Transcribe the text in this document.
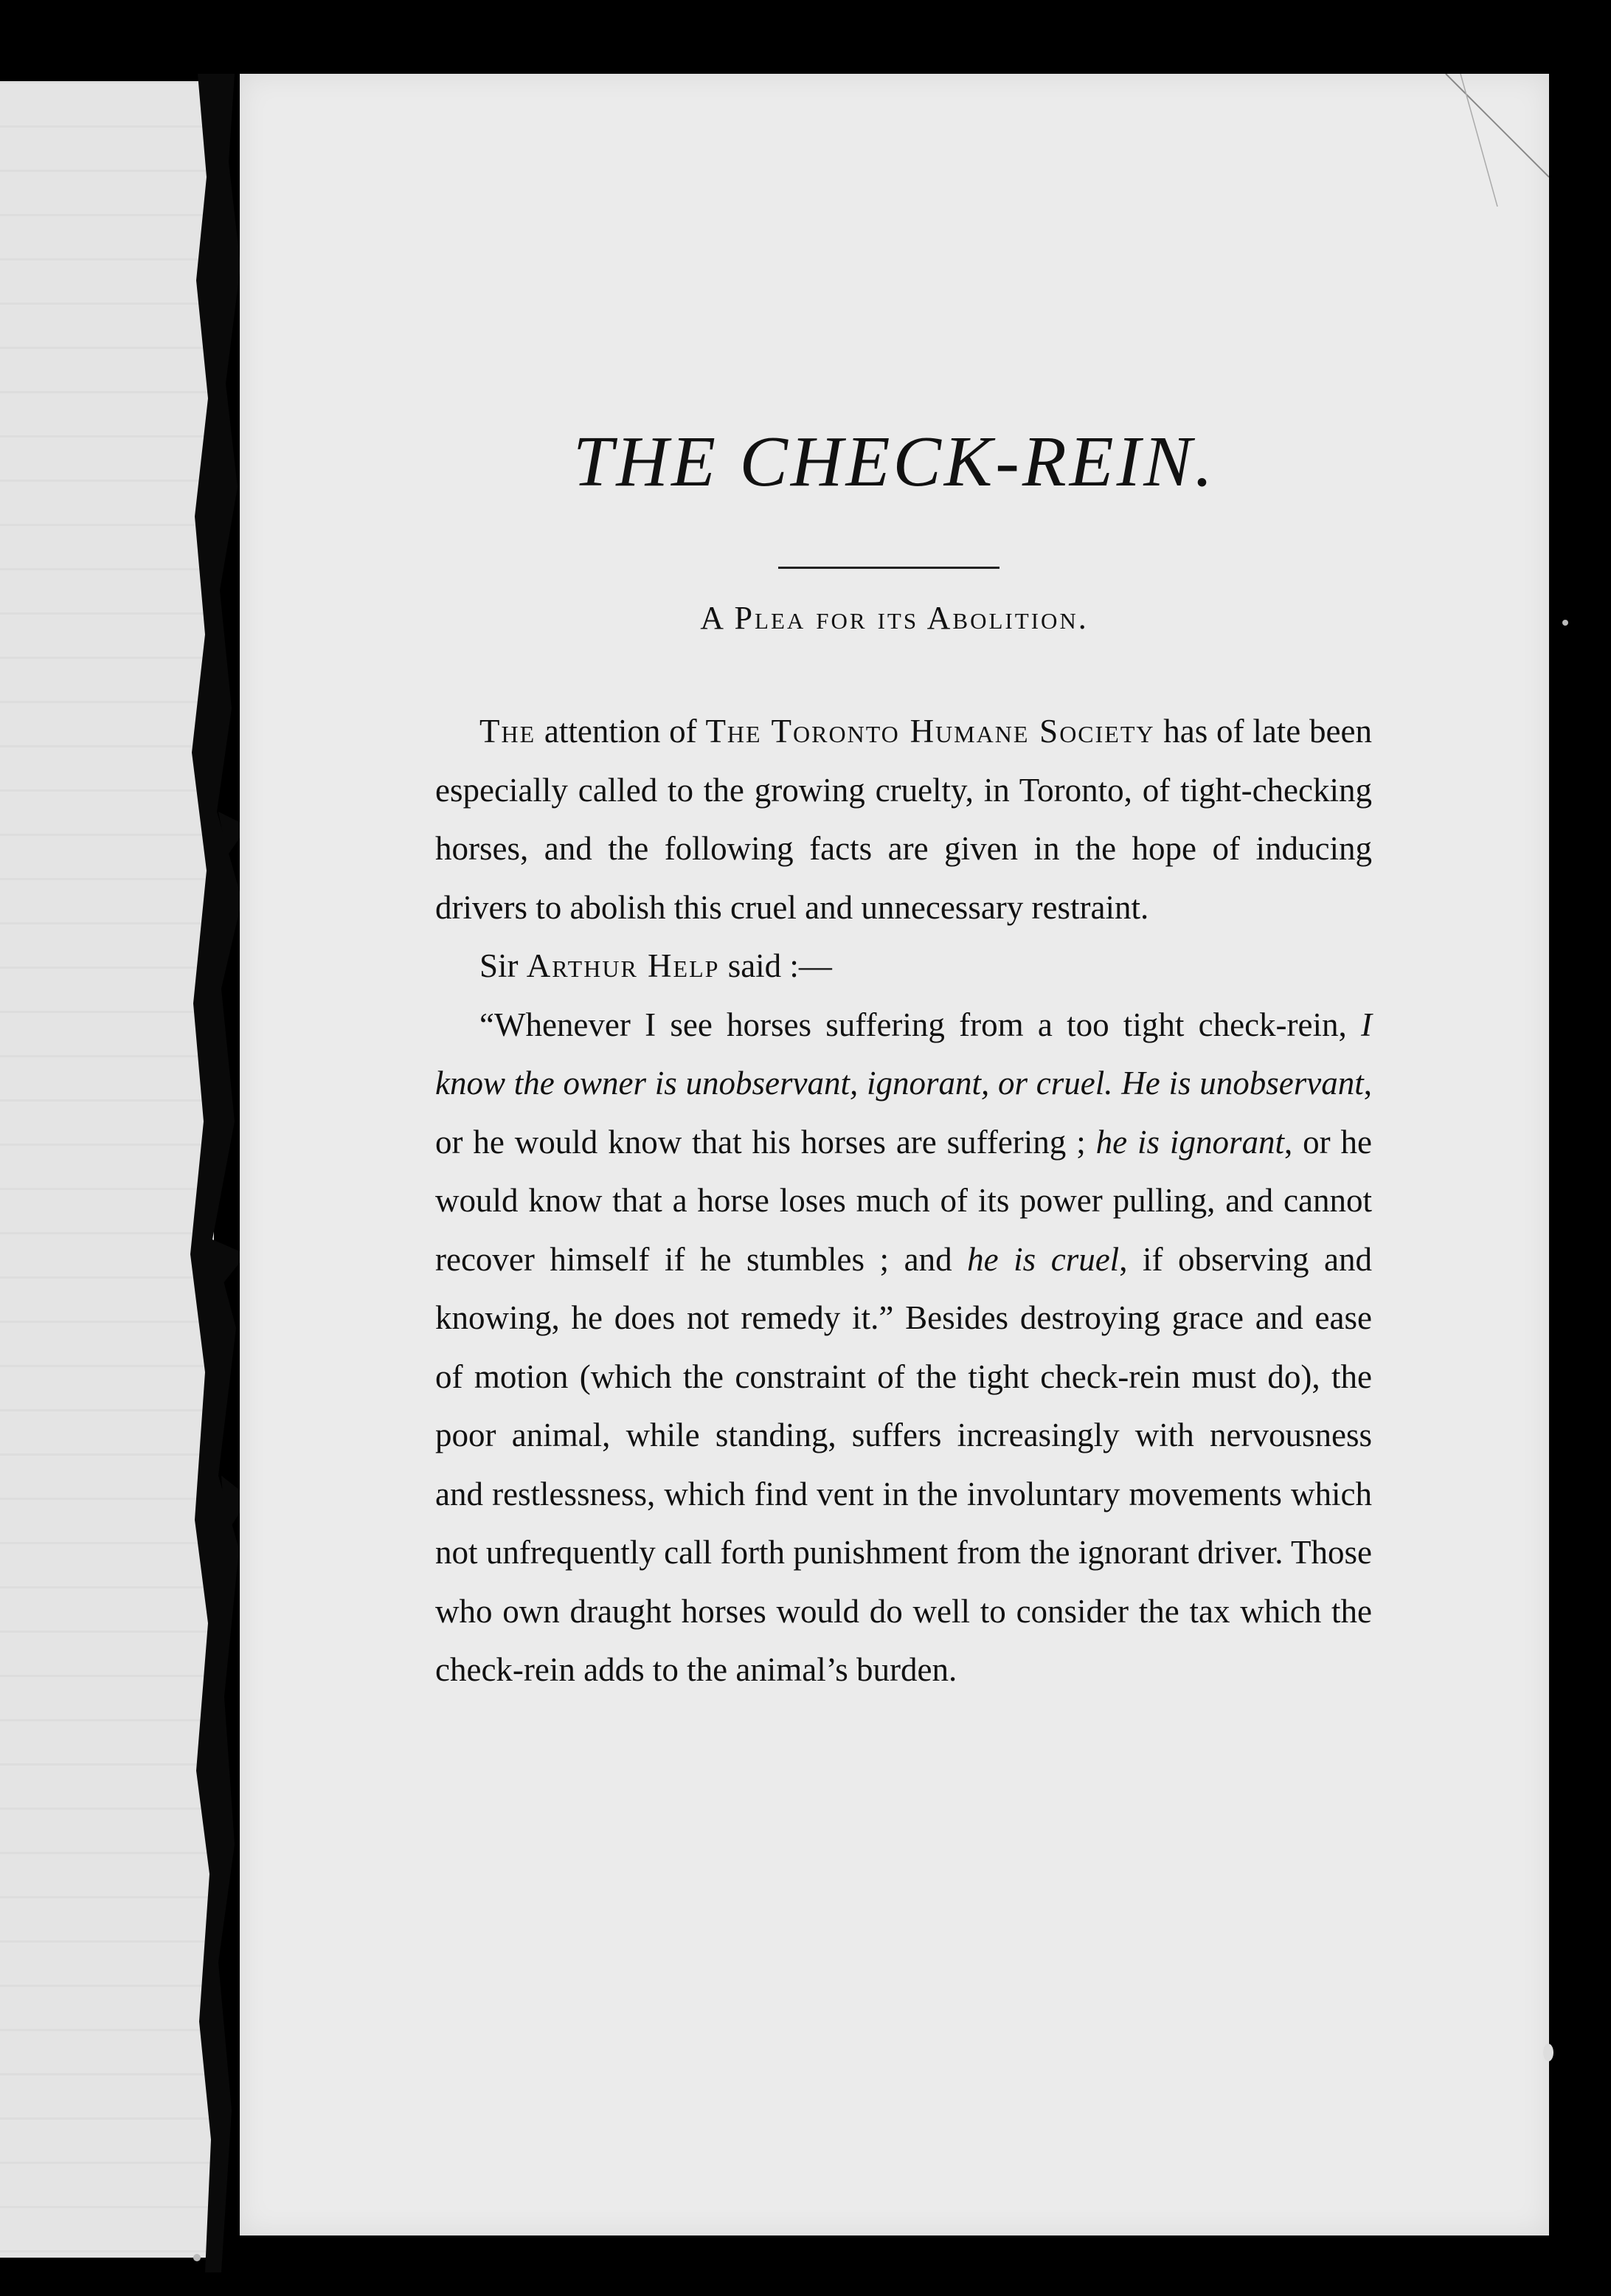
THE CHECK-REIN.
A Plea for its Abolition.

The attention of The Toronto Humane Society has of late been especially called to the growing cruelty, in Toronto, of tight-checking horses, and the following facts are given in the hope of inducing drivers to abolish this cruel and unnecessary restraint.

Sir Arthur Help said :—

“Whenever I see horses suffering from a too tight check-rein, I know the owner is unobservant, ignorant, or cruel. He is unobservant, or he would know that his horses are suffering ; he is ignorant, or he would know that a horse loses much of its power pulling, and cannot recover himself if he stumbles ; and he is cruel, if observing and knowing, he does not remedy it.” Besides destroying grace and ease of motion (which the constraint of the tight check-rein must do), the poor animal, while standing, suffers increasingly with nervousness and restlessness, which find vent in the involuntary movements which not unfrequently call forth punishment from the ignorant driver. Those who own draught horses would do well to consider the tax which the check-rein adds to the animal’s burden.
